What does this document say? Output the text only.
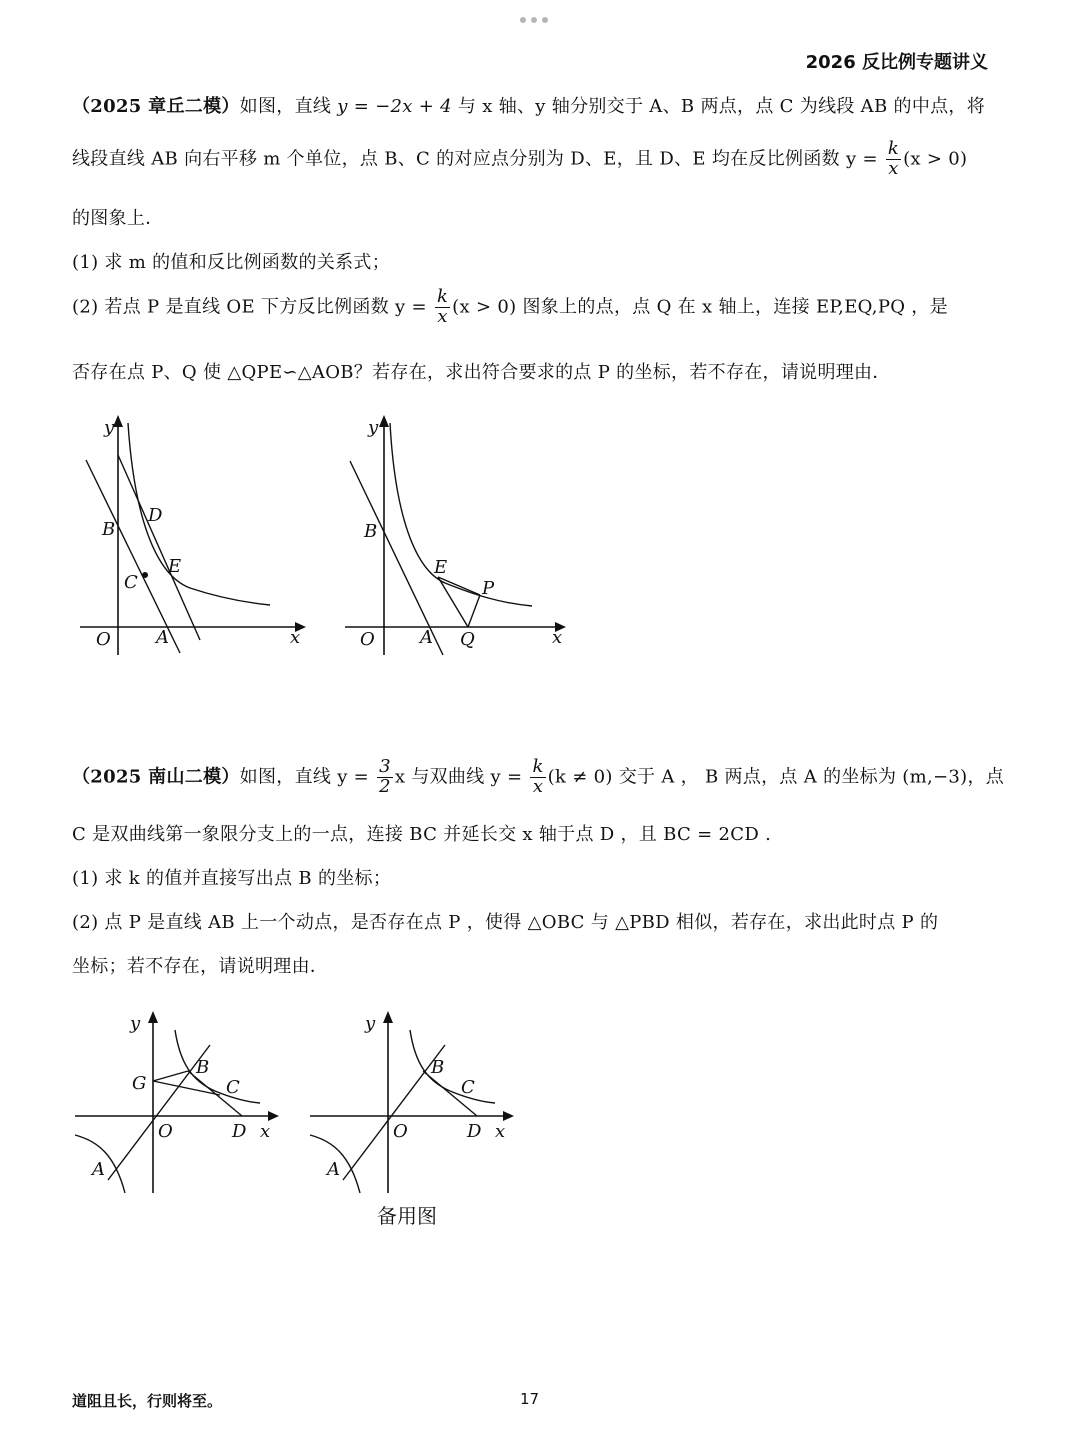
2026 反比例专题讲义
（2025 章丘二模）如图，直线 y = −2x + 4 与 x 轴、y 轴分别交于 A、B 两点，点 C 为线段 AB 的中点，将
线段直线 AB 向右平移 m 个单位，点 B、C 的对应点分别为 D、E，且 D、E 均在反比例函数 $y = \frac{k}{x} (x > 0)$
的图象上．
(1) 求 m 的值和反比例函数的关系式；
(2) 若点 P 是直线 OE 下方反比例函数 $y = \frac{k}{x} (x > 0)$ 图象上的点，点 Q 在 x 轴上，连接 EP,EQ,PQ ，是
否存在点 P、Q 使 △QPE∽△AOB？若存在，求出符合要求的点 P 的坐标，若不存在，请说明理由．
y
B
D
C
E
O	A	x
y
B
E
P
O	A Q	x
（2025 南山二模）如图，直线 $y = \frac{3}{2}$ x 与双曲线 $y = \frac{k}{x} (k \ne 0)$ 交于 A ， B 两点，点 A 的坐标为 (m,−3)，点
C 是双曲线第一象限分支上的一点，连接 BC 并延长交 x 轴于点 D ，且 BC = 2CD .
(1) 求 k 的值并直接写出点 B 的坐标；
(2) 点 P 是直线 AB 上一个动点，是否存在点 P ，使得 △OBC 与 △PBD 相似，若存在，求出此时点 P 的
坐标；若不存在，请说明理由．
y
G
B
C
O	D x
A
y
B
C
O	D x
A
备用图
道阻且长，行则将至。	17
